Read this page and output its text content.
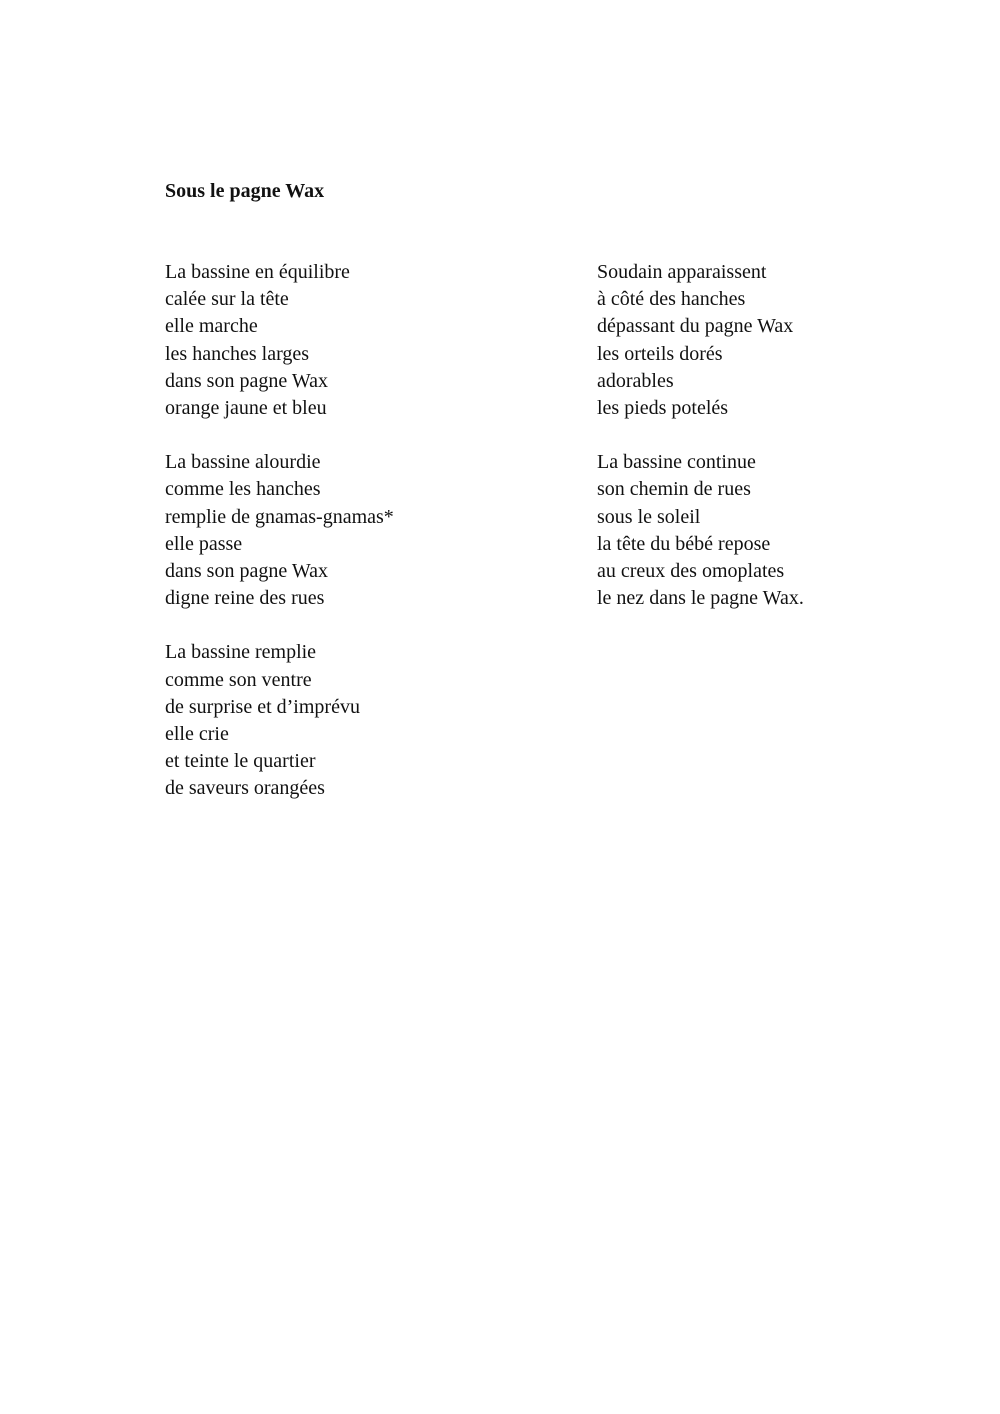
Sous le pagne Wax
La bassine en équilibre
calée sur la tête
elle marche
les hanches larges
dans son pagne Wax
orange jaune et bleu
La bassine alourdie
comme les hanches
remplie de gnamas-gnamas*
elle passe
dans son pagne Wax
digne reine des rues
La bassine remplie
comme son ventre
de surprise et d’imprévu
elle crie
et teinte le quartier
de saveurs orangées
Soudain apparaissent
à côté des hanches
dépassant du pagne Wax
les orteils dorés
adorables
les pieds potelés
La bassine continue
son chemin de rues
sous le soleil
la tête du bébé repose
au creux des omoplates
le nez dans le pagne Wax.
